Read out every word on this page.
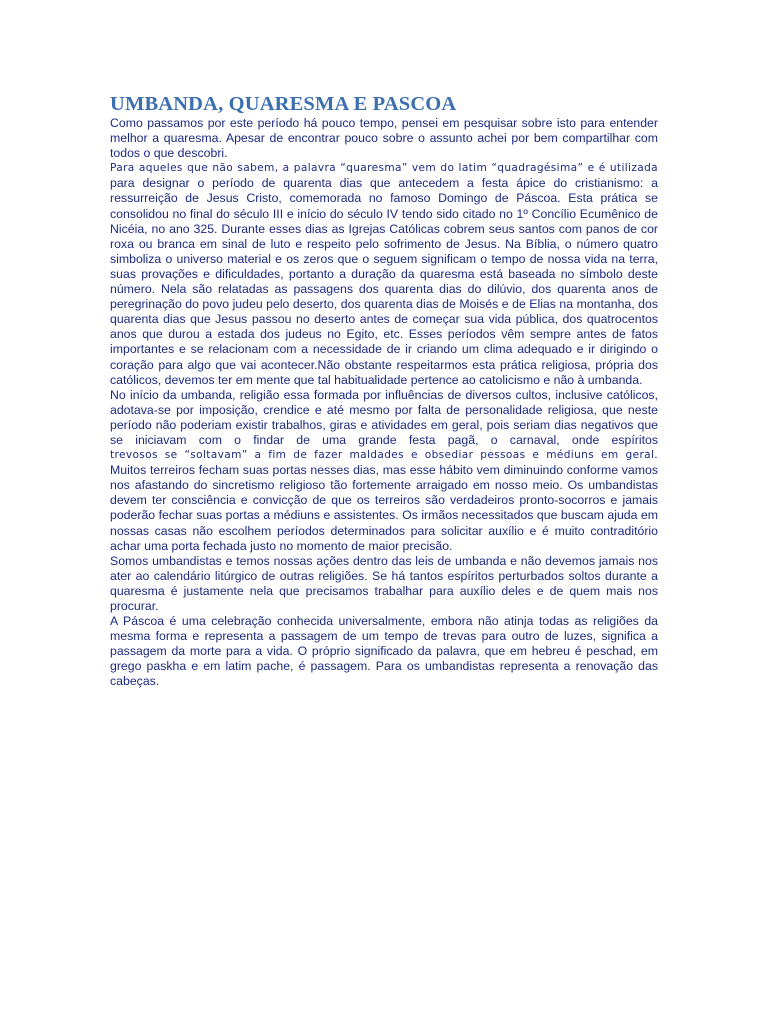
UMBANDA, QUARESMA E PASCOA

Como passamos por este período há pouco tempo, pensei em pesquisar sobre isto para entender melhor a quaresma. Apesar de encontrar pouco sobre o assunto achei por bem compartilhar com todos o que descobri.

Para aqueles que não sabem, a palavra “quaresma” vem do latim “quadragésima” e é utilizada

para designar o período de quarenta dias que antecedem a festa ápice do cristianismo: a ressurreição de Jesus Cristo, comemorada no famoso Domingo de Páscoa. Esta prática se consolidou no final do século III e início do século IV tendo sido citado no 1º Concílio Ecumênico de Nicéia, no ano 325. Durante esses dias as Igrejas Católicas cobrem seus santos com panos de cor roxa ou branca em sinal de luto e respeito pelo sofrimento de Jesus. Na Bíblia, o número quatro simboliza o universo material e os zeros que o seguem significam o tempo de nossa vida na terra, suas provações e dificuldades, portanto a duração da quaresma está baseada no símbolo deste número. Nela são relatadas as passagens dos quarenta dias do dilúvio, dos quarenta anos de peregrinação do povo judeu pelo deserto, dos quarenta dias de Moisés e de Elias na montanha, dos quarenta dias que Jesus passou no deserto antes de começar sua vida pública, dos quatrocentos anos que durou a estada dos judeus no Egito, etc. Esses períodos vêm sempre antes de fatos importantes e se relacionam com a necessidade de ir criando um clima adequado e ir dirigindo o coração para algo que vai acontecer.Não obstante respeitarmos esta prática religiosa, própria dos católicos, devemos ter em mente que tal habitualidade pertence ao catolicismo e não à umbanda.

No início da umbanda, religião essa formada por influências de diversos cultos, inclusive católicos, adotava-se por imposição, crendice e até mesmo por falta de personalidade religiosa, que neste período não poderiam existir trabalhos, giras e atividades em geral, pois seriam dias negativos que se iniciavam com o findar de uma grande festa pagã, o carnaval, onde espíritos

trevosos se “soltavam” a fim de fazer maldades e obsediar pessoas e médiuns em geral.

Muitos terreiros fecham suas portas nesses dias, mas esse hábito vem diminuindo conforme vamos nos afastando do sincretismo religioso tão fortemente arraigado em nosso meio. Os umbandistas devem ter consciência e convicção de que os terreiros são verdadeiros pronto-socorros e jamais poderão fechar suas portas a médiuns e assistentes. Os irmãos necessitados que buscam ajuda em nossas casas não escolhem períodos determinados para solicitar auxílio e é muito contraditório achar uma porta fechada justo no momento de maior precisão.

Somos umbandistas e temos nossas ações dentro das leis de umbanda e não devemos jamais nos ater ao calendário litúrgico de outras religiões. Se há tantos espíritos perturbados soltos durante a quaresma é justamente nela que precisamos trabalhar para auxílio deles e de quem mais nos procurar.

A Páscoa é uma celebração conhecida universalmente, embora não atinja todas as religiões da mesma forma e representa a passagem de um tempo de trevas para outro de luzes, significa a passagem da morte para a vida. O próprio significado da palavra, que em hebreu é peschad, em grego paskha e em latim pache, é passagem. Para os umbandistas representa a renovação das cabeças.
